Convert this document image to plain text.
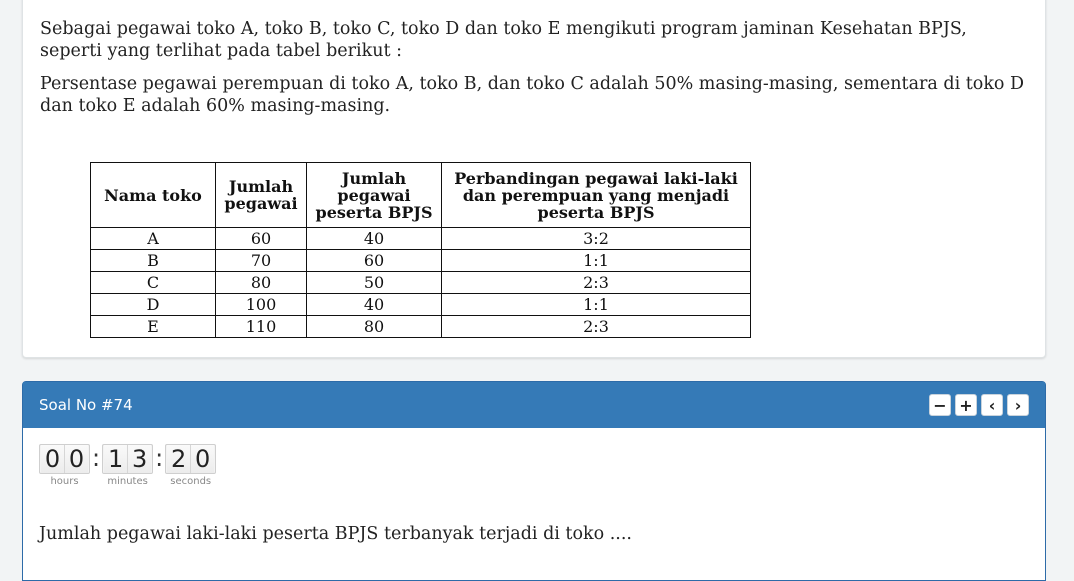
Sebagai pegawai toko A, toko B, toko C, toko D dan toko E mengikuti program jaminan Kesehatan BPJS, seperti yang terlihat pada tabel berikut :

Persentase pegawai perempuan di toko A, toko B, dan toko C adalah 50% masing-masing, sementara di toko D dan toko E adalah 60% masing-masing.

Nama toko	Jumlah pegawai	Jumlah pegawai peserta BPJS	Perbandingan pegawai laki-laki dan perempuan yang menjadi peserta BPJS
A	60	40	3:2
B	70	60	1:1
C	80	50	2:3
D	100	40	1:1
E	110	80	2:3
Soal No #74	− +	‹	›
0 0
hours
: 1 3
minutes
: 2 0
seconds
Jumlah pegawai laki-laki peserta BPJS terbanyak terjadi di toko ....
